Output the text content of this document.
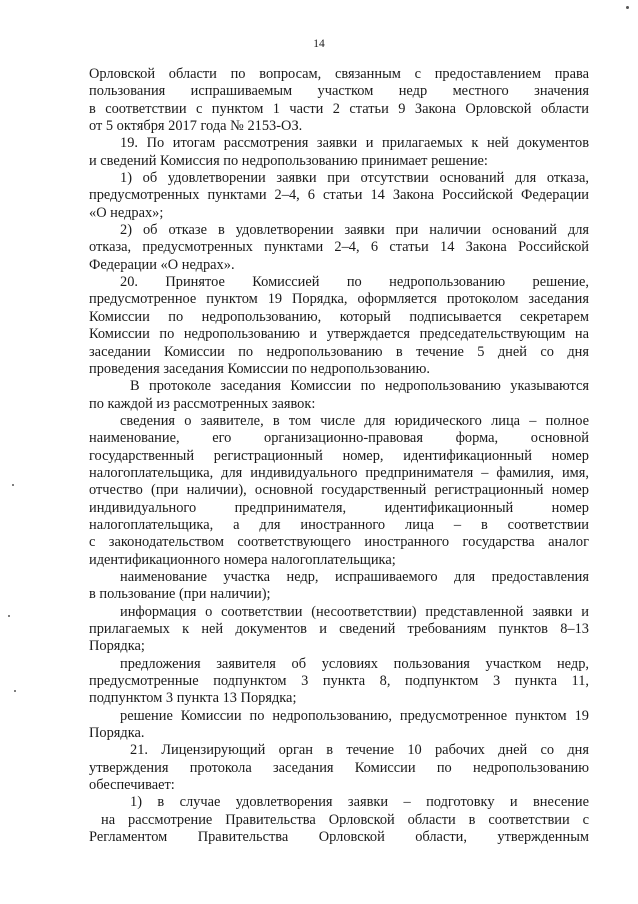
14
Орловской области по вопросам, связанным с предоставлением права
пользования испрашиваемым участком недр местного значения
в соответствии с пунктом 1 части 2 статьи 9 Закона Орловской области
от 5 октября 2017 года № 2153-ОЗ.
19. По итогам рассмотрения заявки и прилагаемых к ней документов
и сведений Комиссия по недропользованию принимает решение:
1) об удовлетворении заявки при отсутствии оснований для отказа,
предусмотренных пунктами 2–4, 6 статьи 14 Закона Российской Федерации
«О недрах»;
2) об отказе в удовлетворении заявки при наличии оснований для
отказа, предусмотренных пунктами 2–4, 6 статьи 14 Закона Российской
Федерации «О недрах».
20. Принятое Комиссией по недропользованию решение,
предусмотренное пунктом 19 Порядка, оформляется протоколом заседания
Комиссии по недропользованию, который подписывается секретарем
Комиссии по недропользованию и утверждается председательствующим на
заседании Комиссии по недропользованию в течение 5 дней со дня
проведения заседания Комиссии по недропользованию.
В протоколе заседания Комиссии по недропользованию указываются
по каждой из рассмотренных заявок:
сведения о заявителе, в том числе для юридического лица – полное
наименование, его организационно-правовая форма, основной
государственный регистрационный номер, идентификационный номер
налогоплательщика, для индивидуального предпринимателя – фамилия, имя,
отчество (при наличии), основной государственный регистрационный номер
индивидуального предпринимателя, идентификационный номер
налогоплательщика, а для иностранного лица – в соответствии
с законодательством соответствующего иностранного государства аналог
идентификационного номера налогоплательщика;
наименование участка недр, испрашиваемого для предоставления
в пользование (при наличии);
информация о соответствии (несоответствии) представленной заявки и
прилагаемых к ней документов и сведений требованиям пунктов 8–13
Порядка;
предложения заявителя об условиях пользования участком недр,
предусмотренные подпунктом 3 пункта 8, подпунктом 3 пункта 11,
подпунктом 3 пункта 13 Порядка;
решение Комиссии по недропользованию, предусмотренное пунктом 19
Порядка.
21. Лицензирующий орган в течение 10 рабочих дней со дня
утверждения протокола заседания Комиссии по недропользованию
обеспечивает:
1) в случае удовлетворения заявки – подготовку и внесение
на рассмотрение Правительства Орловской области в соответствии с
Регламентом Правительства Орловской области, утвержденным
